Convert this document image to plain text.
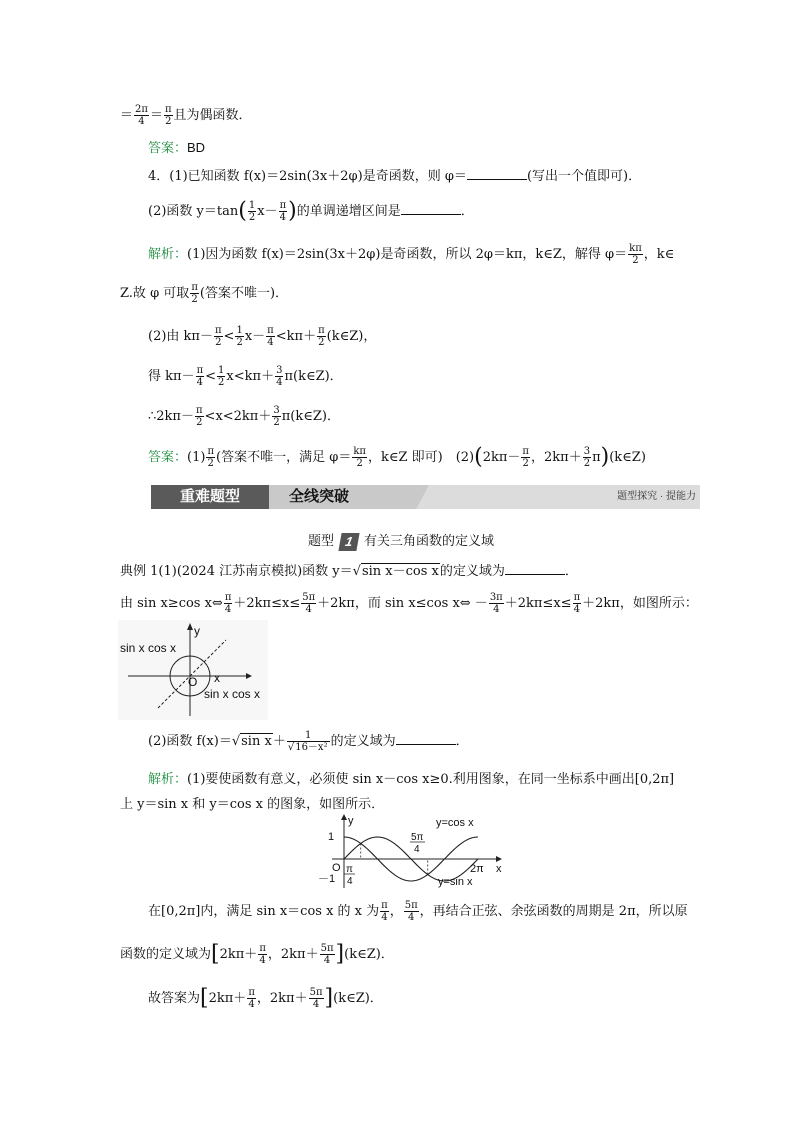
＝ $\frac{2\pi}{4} = \frac{\pi}{2}$ 且为偶函数．
答案：BD
4．(1)已知函数 f(x)＝2sin(3x＋2φ)是奇函数，则 φ＝	(写出一个值即可)．
(2)函数 $y=\tan( \frac{1}{2} x- \frac{\pi}{4}$ )的单调递增区间是	．
解析：(1)因为函数 f(x)＝2sin(3x＋2φ)是奇函数，所以 2φ＝kπ，k∈Z，解得 $\varphi= \frac{k\pi}{2}$ ，k∈
Z.故 φ 可取 $\frac{\pi}{2}$ (答案不唯一)．
(2)由 $k\pi- \frac{\pi}{2} < \frac{1}{2} x- \frac{\pi}{4} <k\pi+ \frac{\pi}{2}$ (k∈Z)，
得 $k\pi- \frac{\pi}{4} < \frac{1}{2} x<k\pi+ \frac{3}{4}$ π(k∈Z)．
∴2kπ－ $\frac{\pi}{2} <x<2k\pi+ \frac{3}{2}$ π(k∈Z)．
答案：$(1) \frac{\pi}{2}$ (答案不唯一，满足 $\varphi= \frac{k\pi}{2}$ ，k∈Z 即可)　$(2)(2k\pi- \frac{\pi}{2}$ ，$2k\pi+ \frac{3}{2}$ π)(k∈Z)
重难题型	全线突破	题型探究 · 提能力
题型 1 有关三角函数的定义域
典例 1(1)(2024 江苏南京模拟)函数 y＝√sin x－cos x的定义域为	．
由 sin x≥cos x⇔ $\frac{\pi}{4} +2k\pi\le x\le \frac{5\pi}{4} +2k\pi$，而 sin x≤cos x⇔ － $\frac{3\pi}{4} +2k\pi\le x\le \frac{\pi}{4} +2k\pi$，如图所示：
sin x cos x
sin x cos x
O x
y
(2)函数 f(x)＝√sin $x+ \frac{1}{\text{√16－x²}}$ 的定义域为	．
解析：(1)要使函数有意义，必须使 sin x－cos x≥0.利用图象，在同一坐标系中画出[0,2π]
上 y＝sin x 和 y＝cos x 的图象，如图所示．
1
－1
O	x
y
π
4
5π
4
2π
y=cos x
y=sin x
在[0,2π]内，满足 sin x＝cos x 的 x 为 $\frac{\pi}{4}$ ， $\frac{5\pi}{4}$ ，再结合正弦、余弦函数的周期是 2π，所以原
函数的定义域为[$2k\pi+ \frac{\pi}{4}$ ，$2k\pi+ \frac{5\pi}{4}$ ](k∈Z)．
故答案为[$2k\pi+ \frac{\pi}{4}$ ，$2k\pi+ \frac{5\pi}{4}$ ](k∈Z)．
